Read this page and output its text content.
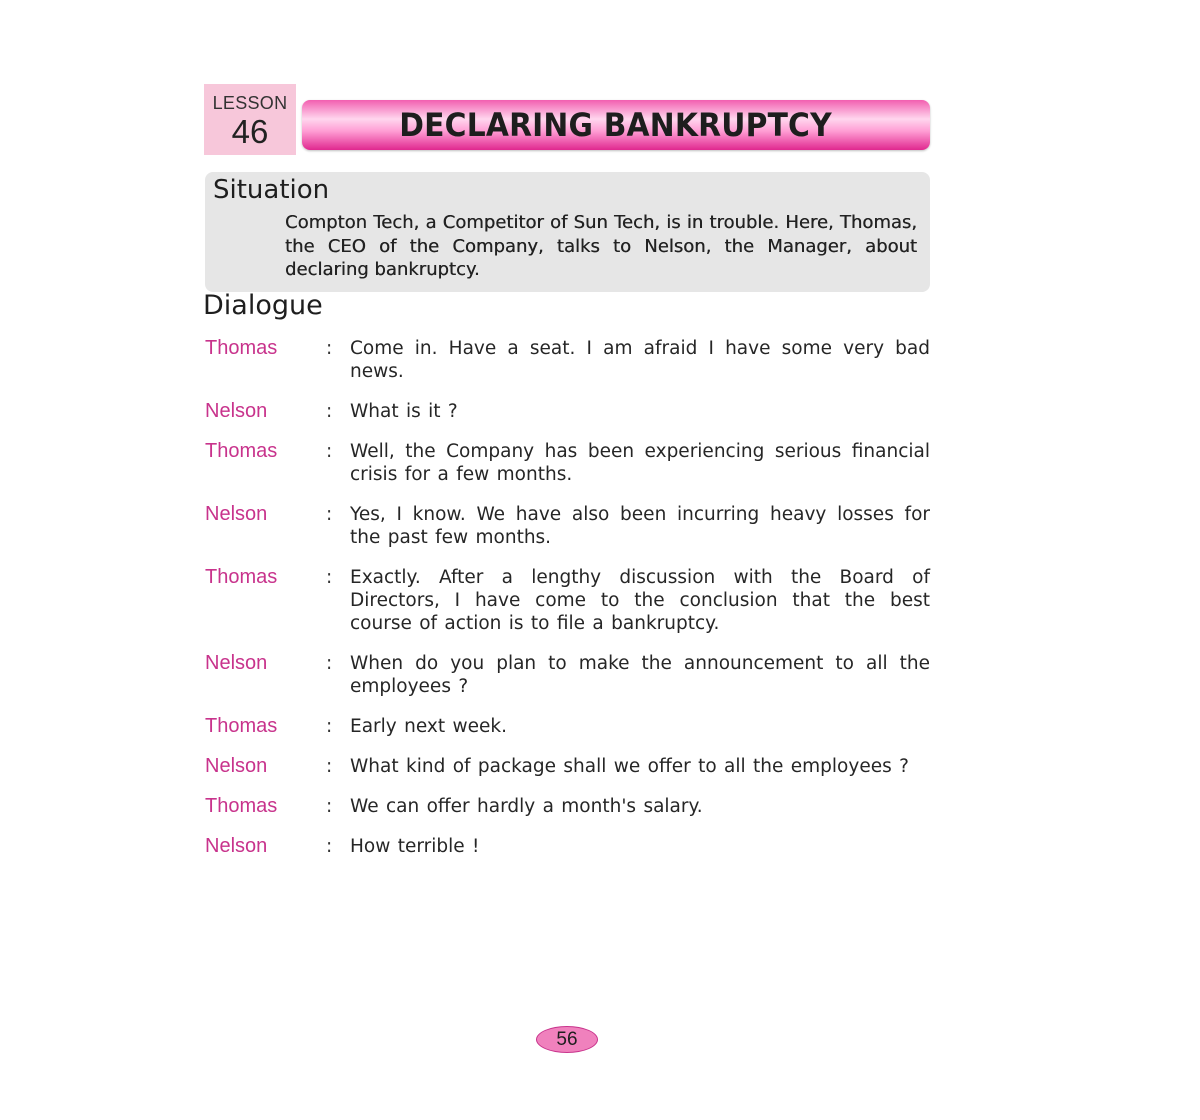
LESSON
46	DECLARING BANKRUPTCY
Situation

Compton Tech, a Competitor of Sun Tech, is in trouble. Here, Thomas, the CEO of the Company, talks to Nelson, the Manager, about declaring bankruptcy.

Dialogue
Thomas	: Come in. Have a seat. I am afraid I have some very bad news.
Nelson	: What is it ?
Thomas	: Well, the Company has been experiencing serious financial crisis for a few months.
Nelson	: Yes, I know. We have also been incurring heavy losses for the past few months.
Thomas	: Exactly. After a lengthy discussion with the Board of Directors, I have come to the conclusion that the best course of action is to file a bankruptcy.
Nelson	: When do you plan to make the announcement to all the employees ?
Thomas	: Early next week.
Nelson	: What kind of package shall we offer to all the employees ?
Thomas	: We can offer hardly a month's salary.
Nelson	: How terrible !
56
